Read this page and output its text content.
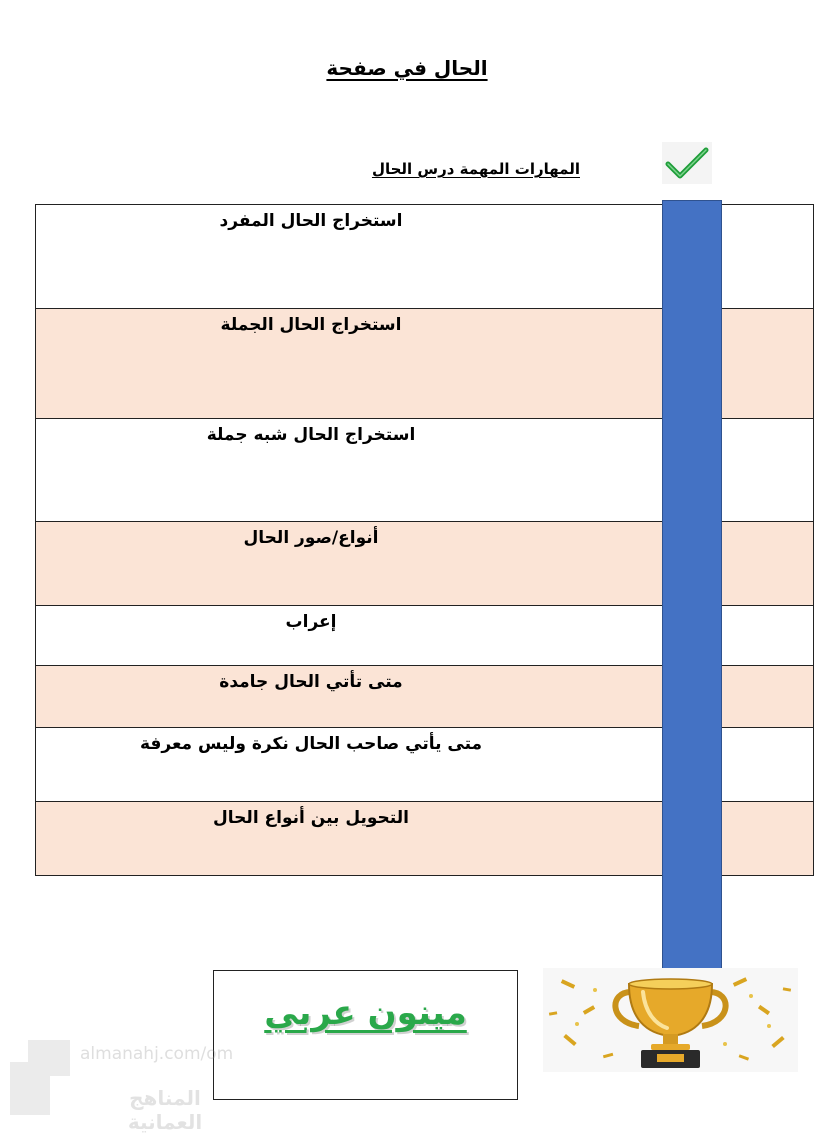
الحال في صفحة
المهارات المهمة درس الحال
استخراج الحال المفرد
استخراج الحال الجملة
استخراج الحال شبه جملة
أنواع/صور الحال
إعراب
متى تأتي الحال جامدة
متى يأتي صاحب الحال نكرة وليس معرفة
التحويل بين أنواع الحال
مينون عربي
almanahj.com/om
المناهج العمانية
